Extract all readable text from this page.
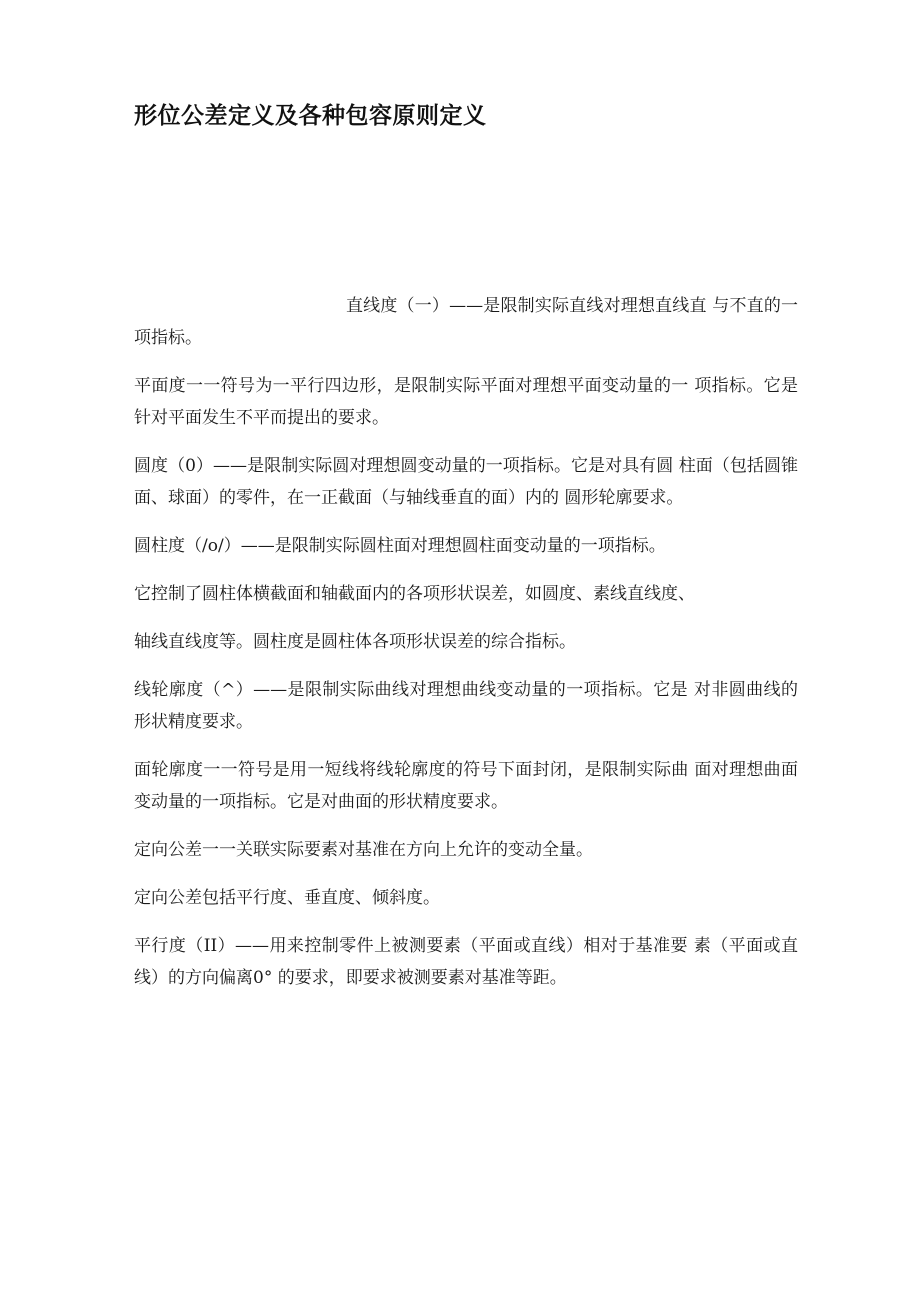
形位公差定义及各种包容原则定义

直线度（一）——是限制实际直线对理想直线直 与不直的一项指标。

平面度一一符号为一平行四边形，是限制实际平面对理想平面变动量的一 项指标。它是针对平面发生不平而提出的要求。

圆度（0）——是限制实际圆对理想圆变动量的一项指标。它是对具有圆 柱面（包括圆锥面、球面）的零件，在一正截面（与轴线垂直的面）内的 圆形轮廓要求。

圆柱度（/o/）——是限制实际圆柱面对理想圆柱面变动量的一项指标。

它控制了圆柱体横截面和轴截面内的各项形状误差，如圆度、素线直线度、

轴线直线度等。圆柱度是圆柱体各项形状误差的综合指标。

线轮廓度（^）——是限制实际曲线对理想曲线变动量的一项指标。它是 对非圆曲线的形状精度要求。

面轮廓度一一符号是用一短线将线轮廓度的符号下面封闭，是限制实际曲 面对理想曲面变动量的一项指标。它是对曲面的形状精度要求。

定向公差一一关联实际要素对基准在方向上允许的变动全量。

定向公差包括平行度、垂直度、倾斜度。

平行度（II）——用来控制零件上被测要素（平面或直线）相对于基准要 素（平面或直线）的方向偏离0° 的要求，即要求被测要素对基准等距。
